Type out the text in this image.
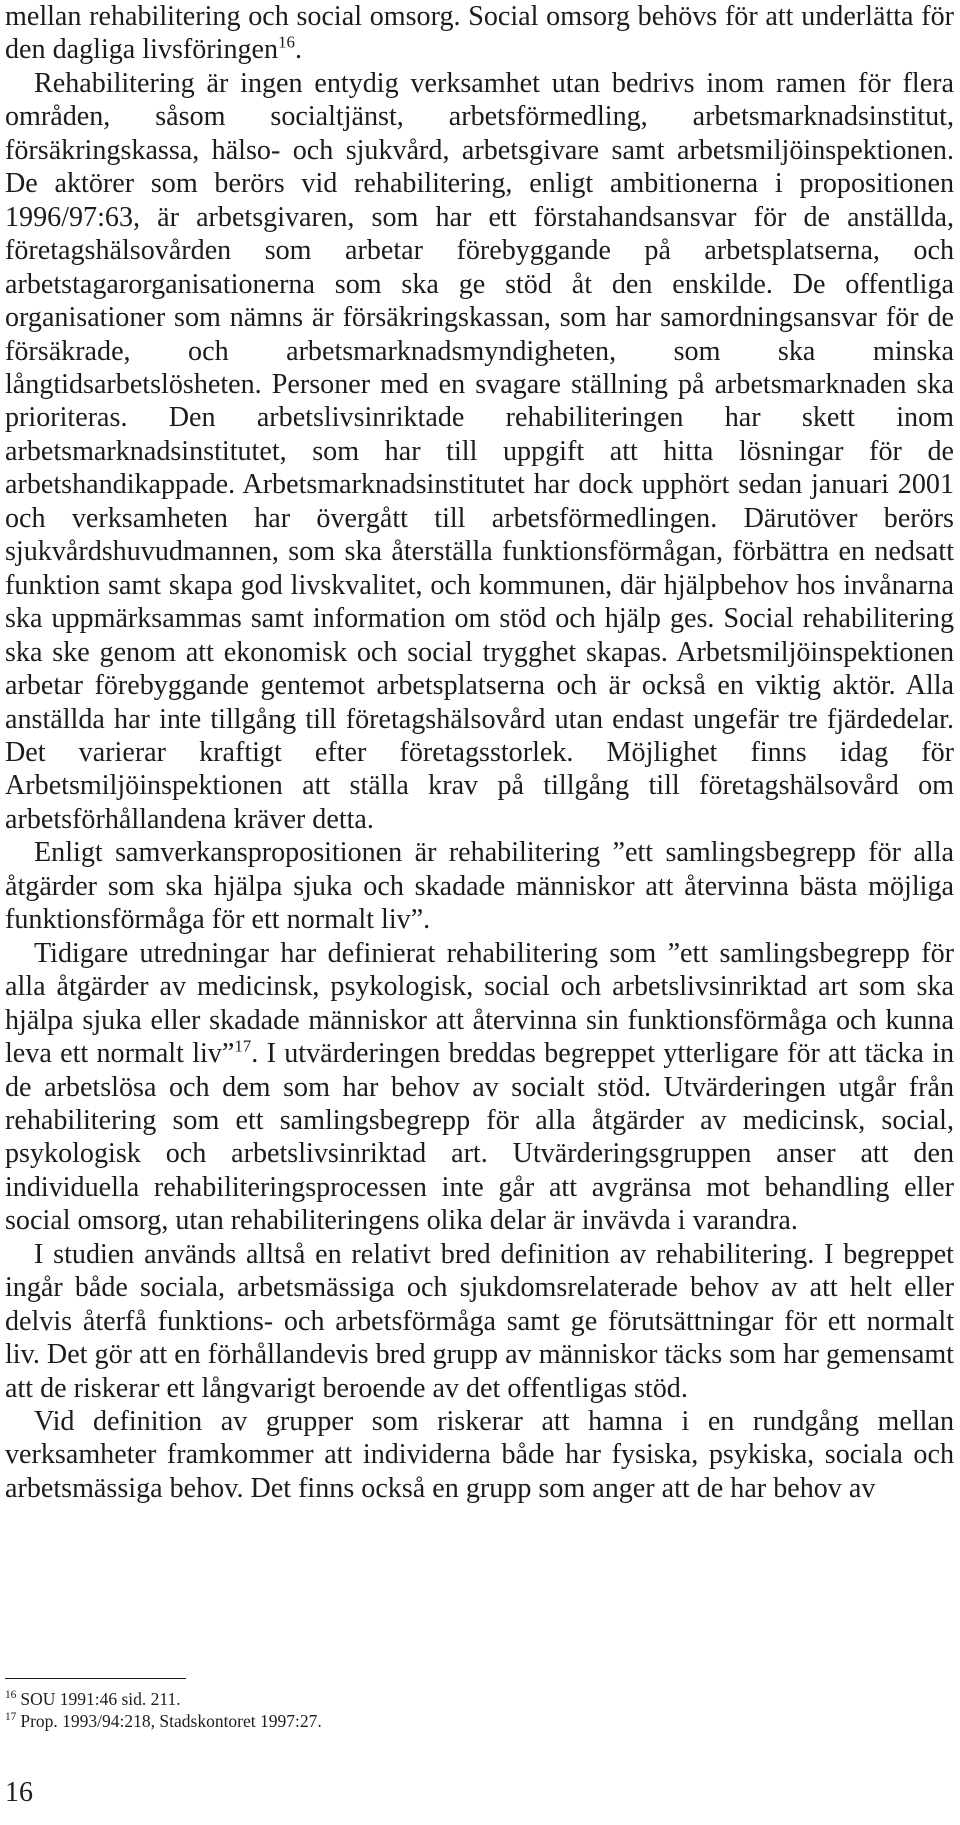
mellan rehabilitering och social omsorg. Social omsorg behövs för att underlätta för den dagliga livsföringen$^{16}$.

Rehabilitering är ingen entydig verksamhet utan bedrivs inom ramen för flera områden, såsom socialtjänst, arbetsförmedling, arbetsmarknadsinstitut, försäkringskassa, hälso- och sjukvård, arbetsgivare samt arbetsmiljöinspektionen. De aktörer som berörs vid rehabilitering, enligt ambitionerna i propositionen 1996/97:63, är arbetsgivaren, som har ett förstahandsansvar för de anställda, företagshälsovården som arbetar förebyggande på arbetsplatserna, och arbetstagarorganisationerna som ska ge stöd åt den enskilde. De offentliga organisationer som nämns är försäkringskassan, som har samordningsansvar för de försäkrade, och arbetsmarknadsmyndigheten, som ska minska långtidsarbetslösheten. Personer med en svagare ställning på arbetsmarknaden ska prioriteras. Den arbetslivsinriktade rehabiliteringen har skett inom arbetsmarknadsinstitutet, som har till uppgift att hitta lösningar för de arbetshandikappade. Arbetsmarknadsinstitutet har dock upphört sedan januari 2001 och verksamheten har övergått till arbetsförmedlingen. Därutöver berörs sjukvårdshuvudmannen, som ska återställa funktionsförmågan, förbättra en nedsatt funktion samt skapa god livskvalitet, och kommunen, där hjälpbehov hos invånarna ska uppmärksammas samt information om stöd och hjälp ges. Social rehabilitering ska ske genom att ekonomisk och social trygghet skapas. Arbetsmiljöinspektionen arbetar förebyggande gentemot arbetsplatserna och är också en viktig aktör. Alla anställda har inte tillgång till företagshälsovård utan endast ungefär tre fjärdedelar. Det varierar kraftigt efter företagsstorlek. Möjlighet finns idag för Arbetsmiljöinspektionen att ställa krav på tillgång till företagshälsovård om arbetsförhållandena kräver detta.

Enligt samverkanspropositionen är rehabilitering ”ett samlingsbegrepp för alla åtgärder som ska hjälpa sjuka och skadade människor att återvinna bästa möjliga funktionsförmåga för ett normalt liv”.

Tidigare utredningar har definierat rehabilitering som ”ett samlingsbegrepp för alla åtgärder av medicinsk, psykologisk, social och arbetslivsinriktad art som ska hjälpa sjuka eller skadade människor att återvinna sin funktionsförmåga och kunna leva ett normalt liv”$^{17}$. I utvärderingen breddas begreppet ytterligare för att täcka in de arbetslösa och dem som har behov av socialt stöd. Utvärderingen utgår från rehabilitering som ett samlingsbegrepp för alla åtgärder av medicinsk, social, psykologisk och arbetslivsinriktad art. Utvärderingsgruppen anser att den individuella rehabiliteringsprocessen inte går att avgränsa mot behandling eller social omsorg, utan rehabiliteringens olika delar är invävda i varandra.

I studien används alltså en relativt bred definition av rehabilitering. I begreppet ingår både sociala, arbetsmässiga och sjukdomsrelaterade behov av att helt eller delvis återfå funktions- och arbetsförmåga samt ge förutsättningar för ett normalt liv. Det gör att en förhållandevis bred grupp av människor täcks som har gemensamt att de riskerar ett långvarigt beroende av det offentligas stöd.

Vid definition av grupper som riskerar att hamna i en rundgång mellan verksamheter framkommer att individerna både har fysiska, psykiska, sociala och arbetsmässiga behov. Det finns också en grupp som anger att de har behov av

$^{16}$ SOU 1991:46 sid. 211.

$^{17}$ Prop. 1993/94:218, Stadskontoret 1997:27.

16
